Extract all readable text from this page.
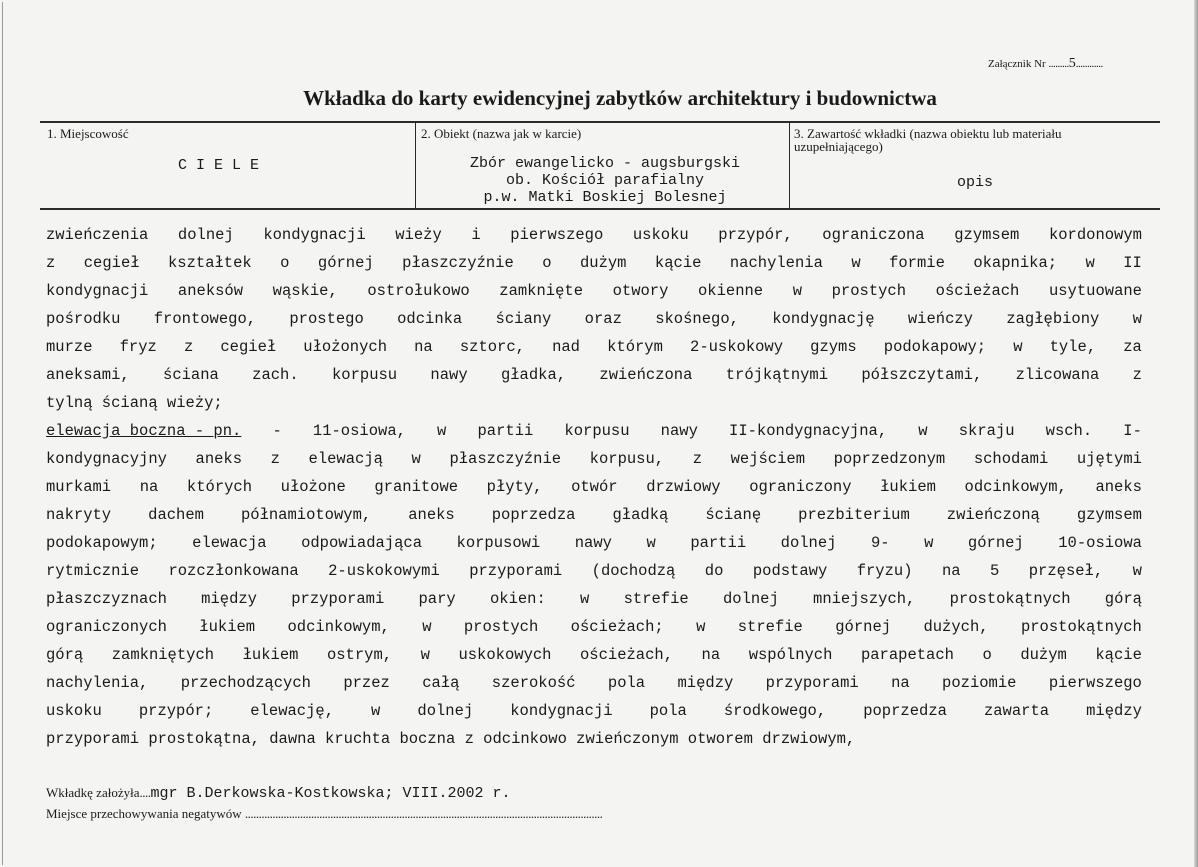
Załącznik Nr .........5............
Wkładka do karty ewidencyjnej zabytków architektury i budownictwa
1. Miejscowość
CIELE
2. Obiekt (nazwa jak w karcie)
Zbór ewangelicko - augsburgski
ob. Kościół parafialny
p.w. Matki Boskiej Bolesnej
3. Zawartość wkładki (nazwa obiektu lub materiału
uzupełniającego)
opis
zwieńczenia dolnej kondygnacji wieży i pierwszego uskoku przypór, ograniczona gzymsem kordonowym
z cegieł kształtek o górnej płaszczyźnie o dużym kącie nachylenia w formie okapnika; w II
kondygnacji aneksów wąskie, ostrołukowo zamknięte otwory okienne w prostych ościeżach usytuowane
pośrodku frontowego, prostego odcinka ściany oraz skośnego, kondygnację wieńczy zagłębiony w
murze fryz z cegieł ułożonych na sztorc, nad którym 2-uskokowy gzyms podokapowy; w tyle, za
aneksami, ściana zach. korpusu nawy gładka, zwieńczona trójkątnymi półszczytami, zlicowana z
tylną ścianą wieży;
elewacja boczna - pn. - 11-osiowa, w partii korpusu nawy II-kondygnacyjna, w skraju wsch. I-
kondygnacyjny aneks z elewacją w płaszczyźnie korpusu, z wejściem poprzedzonym schodami ujętymi
murkami na których ułożone granitowe płyty, otwór drzwiowy ograniczony łukiem odcinkowym, aneks
nakryty dachem półnamiotowym, aneks poprzedza gładką ścianę prezbiterium zwieńczoną gzymsem
podokapowym; elewacja odpowiadająca korpusowi nawy w partii dolnej 9- w górnej 10-osiowa
rytmicznie rozczłonkowana 2-uskokowymi przyporami (dochodzą do podstawy fryzu) na 5 przęseł, w
płaszczyznach między przyporami pary okien: w strefie dolnej mniejszych, prostokątnych górą
ograniczonych łukiem odcinkowym, w prostych ościeżach; w strefie górnej dużych, prostokątnych
górą zamkniętych łukiem ostrym, w uskokowych ościeżach, na wspólnych parapetach o dużym kącie
nachylenia, przechodzących przez całą szerokość pola między przyporami na poziomie pierwszego
uskoku przypór; elewację, w dolnej kondygnacji pola środkowego, poprzedza zawarta między
przyporami prostokątna, dawna kruchta boczna z odcinkowo zwieńczonym otworem drzwiowym,
Wkładkę założyła....mgr B.Derkowska-Kostkowska; VIII.2002 r.
Miejsce przechowywania negatywów ..................................................................................................................................
